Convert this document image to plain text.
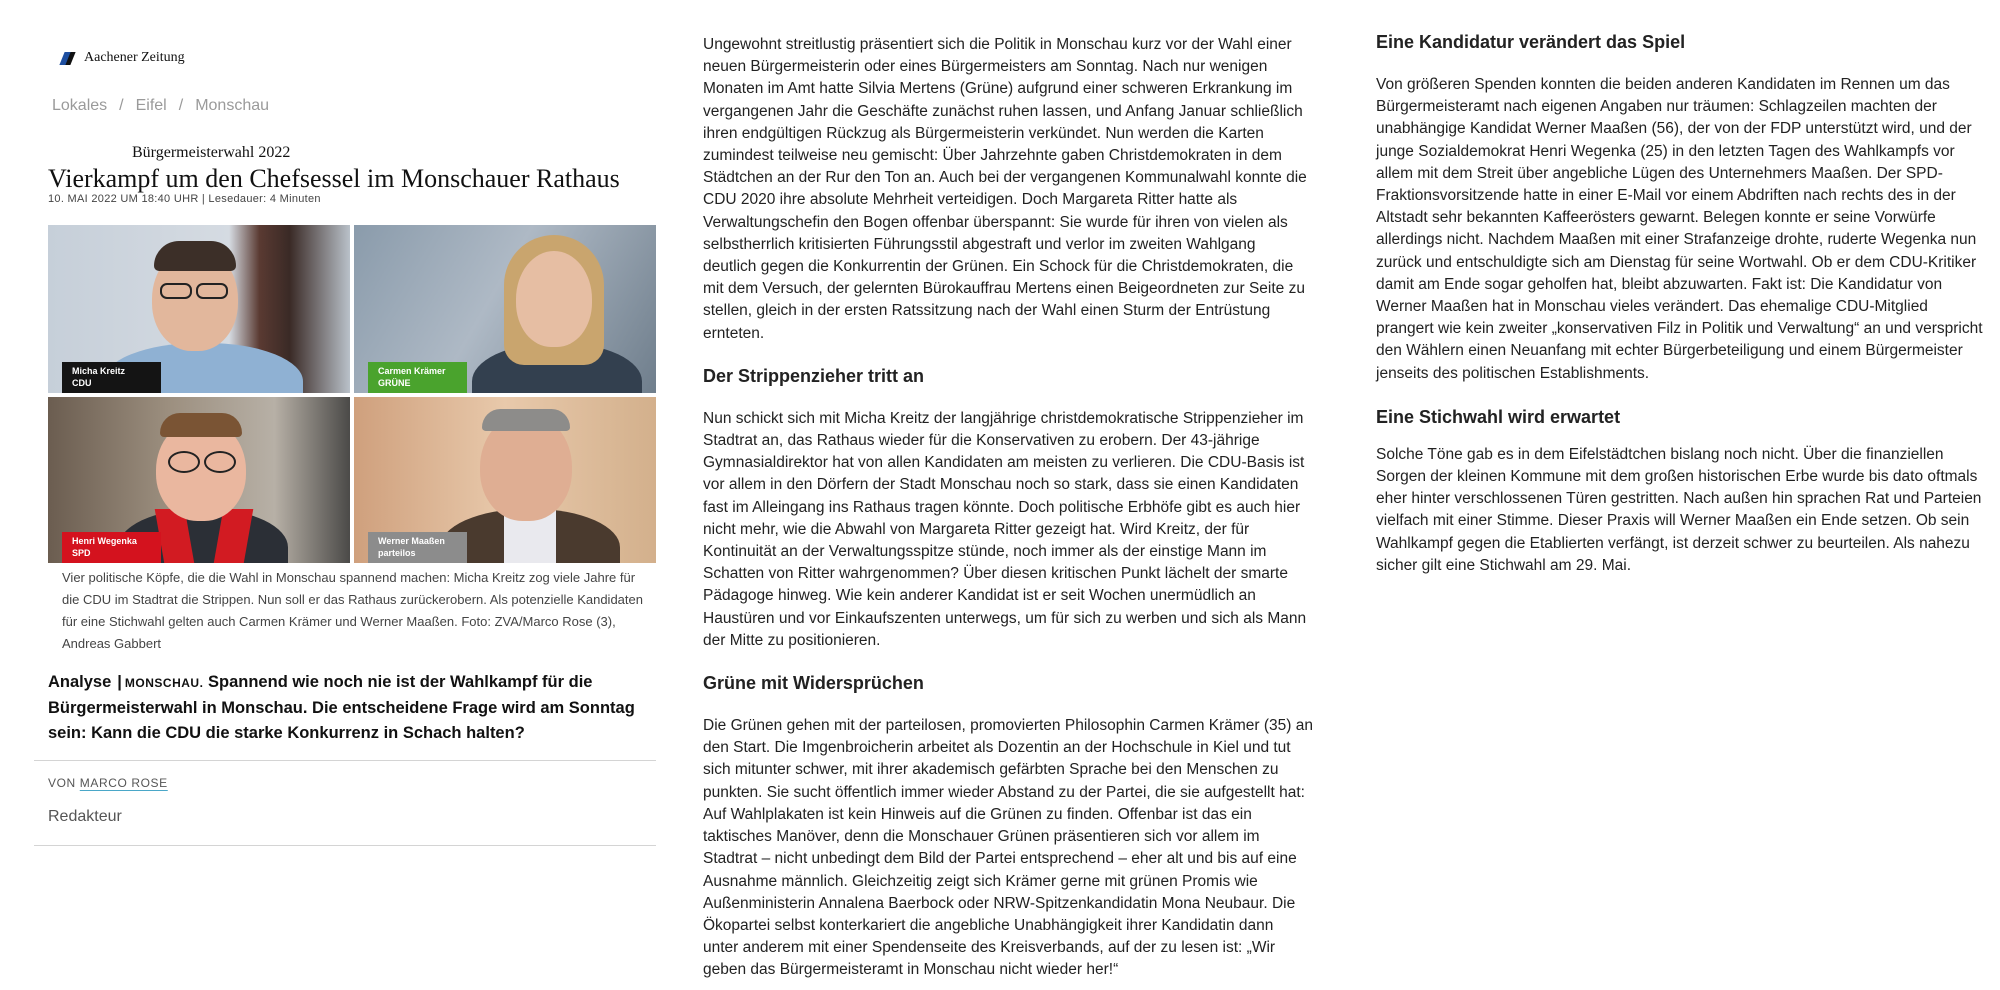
Aachener Zeitung
Lokales / Eifel / Monschau
Bürgermeisterwahl 2022
Vierkampf um den Chefsessel im Monschauer Rathaus
10. MAI 2022 UM 18:40 UHR | Lesedauer: 4 Minuten
Micha Kreitz
CDU
Carmen Krämer
GRÜNE
Henri Wegenka
SPD
Werner Maaßen
parteilos
Vier politische Köpfe, die die Wahl in Monschau spannend machen: Micha Kreitz zog viele Jahre für die CDU im Stadtrat die Strippen. Nun soll er das Rathaus zurückerobern. Als potenzielle Kandidaten für eine Stichwahl gelten auch Carmen Krämer und Werner Maaßen. Foto: ZVA/Marco Rose (3), Andreas Gabbert
Analyse | MONSCHAU. Spannend wie noch nie ist der Wahlkampf für die Bürgermeisterwahl in Monschau. Die entscheidene Frage wird am Sonntag sein: Kann die CDU die starke Konkurrenz in Schach halten?
VON MARCO ROSE
Redakteur

Ungewohnt streitlustig präsentiert sich die Politik in Monschau kurz vor der Wahl einer neuen Bürgermeisterin oder eines Bürgermeisters am Sonntag. Nach nur wenigen Monaten im Amt hatte Silvia Mertens (Grüne) aufgrund einer schweren Erkrankung im vergangenen Jahr die Geschäfte zunächst ruhen lassen, und Anfang Januar schließlich ihren endgültigen Rückzug als Bürgermeisterin verkündet. Nun werden die Karten zumindest teilweise neu gemischt: Über Jahrzehnte gaben Christdemokraten in dem Städtchen an der Rur den Ton an. Auch bei der vergangenen Kommunalwahl konnte die CDU 2020 ihre absolute Mehrheit verteidigen. Doch Margareta Ritter hatte als Verwaltungschefin den Bogen offenbar überspannt: Sie wurde für ihren von vielen als selbstherrlich kritisierten Führungsstil abgestraft und verlor im zweiten Wahlgang deutlich gegen die Konkurrentin der Grünen. Ein Schock für die Christdemokraten, die mit dem Versuch, der gelernten Bürokauffrau Mertens einen Beigeordneten zur Seite zu stellen, gleich in der ersten Ratssitzung nach der Wahl einen Sturm der Entrüstung ernteten.

Der Strippenzieher tritt an

Nun schickt sich mit Micha Kreitz der langjährige christdemokratische Strippenzieher im Stadtrat an, das Rathaus wieder für die Konservativen zu erobern. Der 43-jährige Gymnasialdirektor hat von allen Kandidaten am meisten zu verlieren. Die CDU-Basis ist vor allem in den Dörfern der Stadt Monschau noch so stark, dass sie einen Kandidaten fast im Alleingang ins Rathaus tragen könnte. Doch politische Erbhöfe gibt es auch hier nicht mehr, wie die Abwahl von Margareta Ritter gezeigt hat. Wird Kreitz, der für Kontinuität an der Verwaltungsspitze stünde, noch immer als der einstige Mann im Schatten von Ritter wahrgenommen? Über diesen kritischen Punkt lächelt der smarte Pädagoge hinweg. Wie kein anderer Kandidat ist er seit Wochen unermüdlich an Haustüren und vor Einkaufszenten unterwegs, um für sich zu werben und sich als Mann der Mitte zu positionieren.

Grüne mit Widersprüchen

Die Grünen gehen mit der parteilosen, promovierten Philosophin Carmen Krämer (35) an den Start. Die Imgenbroicherin arbeitet als Dozentin an der Hochschule in Kiel und tut sich mitunter schwer, mit ihrer akademisch gefärbten Sprache bei den Menschen zu punkten. Sie sucht öffentlich immer wieder Abstand zu der Partei, die sie aufgestellt hat: Auf Wahlplakaten ist kein Hinweis auf die Grünen zu finden. Offenbar ist das ein taktisches Manöver, denn die Monschauer Grünen präsentieren sich vor allem im Stadtrat – nicht unbedingt dem Bild der Partei entsprechend – eher alt und bis auf eine Ausnahme männlich. Gleichzeitig zeigt sich Krämer gerne mit grünen Promis wie Außenministerin Annalena Baerbock oder NRW-Spitzenkandidatin Mona Neubaur. Die Ökopartei selbst konterkariert die angebliche Unabhängigkeit ihrer Kandidatin dann unter anderem mit einer Spendenseite des Kreisverbands, auf der zu lesen ist: „Wir geben das Bürgermeisteramt in Monschau nicht wieder her!“

Eine Kandidatur verändert das Spiel

Von größeren Spenden konnten die beiden anderen Kandidaten im Rennen um das Bürgermeisteramt nach eigenen Angaben nur träumen: Schlagzeilen machten der unabhängige Kandidat Werner Maaßen (56), der von der FDP unterstützt wird, und der junge Sozialdemokrat Henri Wegenka (25) in den letzten Tagen des Wahlkampfs vor allem mit dem Streit über angebliche Lügen des Unternehmers Maaßen. Der SPD-Fraktionsvorsitzende hatte in einer E-Mail vor einem Abdriften nach rechts des in der Altstadt sehr bekannten Kaffeerösters gewarnt. Belegen konnte er seine Vorwürfe allerdings nicht. Nachdem Maaßen mit einer Strafanzeige drohte, ruderte Wegenka nun zurück und entschuldigte sich am Dienstag für seine Wortwahl. Ob er dem CDU-Kritiker damit am Ende sogar geholfen hat, bleibt abzuwarten. Fakt ist: Die Kandidatur von Werner Maaßen hat in Monschau vieles verändert. Das ehemalige CDU-Mitglied prangert wie kein zweiter „konservativen Filz in Politik und Verwaltung“ an und verspricht den Wählern einen Neuanfang mit echter Bürgerbeteiligung und einem Bürgermeister jenseits des politischen Establishments.

Eine Stichwahl wird erwartet

Solche Töne gab es in dem Eifelstädtchen bislang noch nicht. Über die finanziellen Sorgen der kleinen Kommune mit dem großen historischen Erbe wurde bis dato oftmals eher hinter verschlossenen Türen gestritten. Nach außen hin sprachen Rat und Parteien vielfach mit einer Stimme. Dieser Praxis will Werner Maaßen ein Ende setzen. Ob sein Wahlkampf gegen die Etablierten verfängt, ist derzeit schwer zu beurteilen. Als nahezu sicher gilt eine Stichwahl am 29. Mai.
